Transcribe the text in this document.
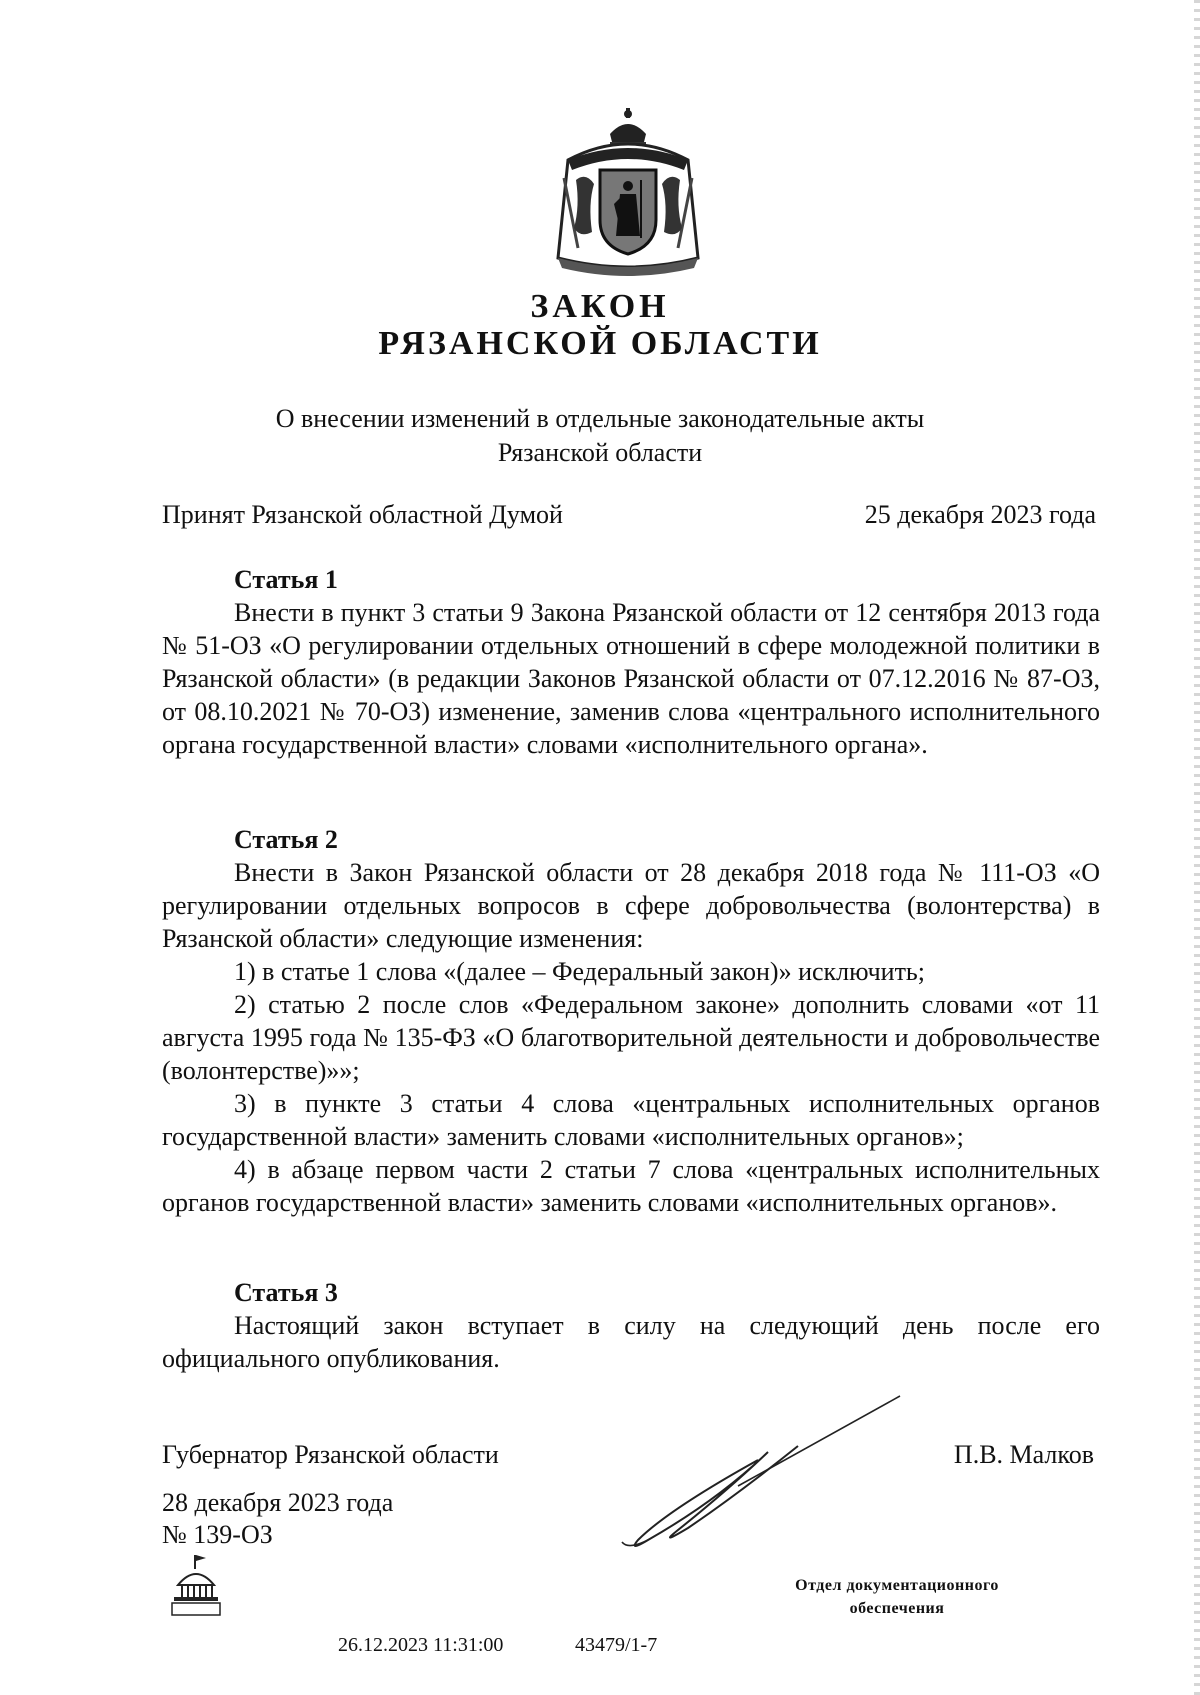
ЗАКОН
РЯЗАНСКОЙ ОБЛАСТИ
О внесении изменений в отдельные законодательные акты
Рязанской области
Принят Рязанской областной Думой	25 декабря 2023 года
Статья 1

Внести в пункт 3 статьи 9 Закона Рязанской области от 12 сентября 2013 года № 51-ОЗ «О регулировании отдельных отношений в сфере молодежной политики в Рязанской области» (в редакции Законов Рязанской области от 07.12.2016 № 87-ОЗ, от 08.10.2021 № 70-ОЗ) изменение, заменив слова «центрального исполнительного органа государственной власти» словами «исполнительного органа».

Статья 2

Внести в Закон Рязанской области от 28 декабря 2018 года № 111-ОЗ «О регулировании отдельных вопросов в сфере добровольчества (волонтерства) в Рязанской области» следующие изменения:

1) в статье 1 слова «(далее – Федеральный закон)» исключить;

2) статью 2 после слов «Федеральном законе» дополнить словами «от 11 августа 1995 года № 135-ФЗ «О благотворительной деятельности и добровольчестве (волонтерстве)»»;

3) в пункте 3 статьи 4 слова «центральных исполнительных органов государственной власти» заменить словами «исполнительных органов»;

4) в абзаце первом части 2 статьи 7 слова «центральных исполнительных органов государственной власти» заменить словами «исполнительных органов».

Статья 3

Настоящий закон вступает в силу на следующий день после его официального опубликования.

Губернатор Рязанской области	П.В. Малков
28 декабря 2023 года
№ 139-ОЗ
26.12.2023 11:31:00	43479/1-7
Отдел документационного
обеспечения
